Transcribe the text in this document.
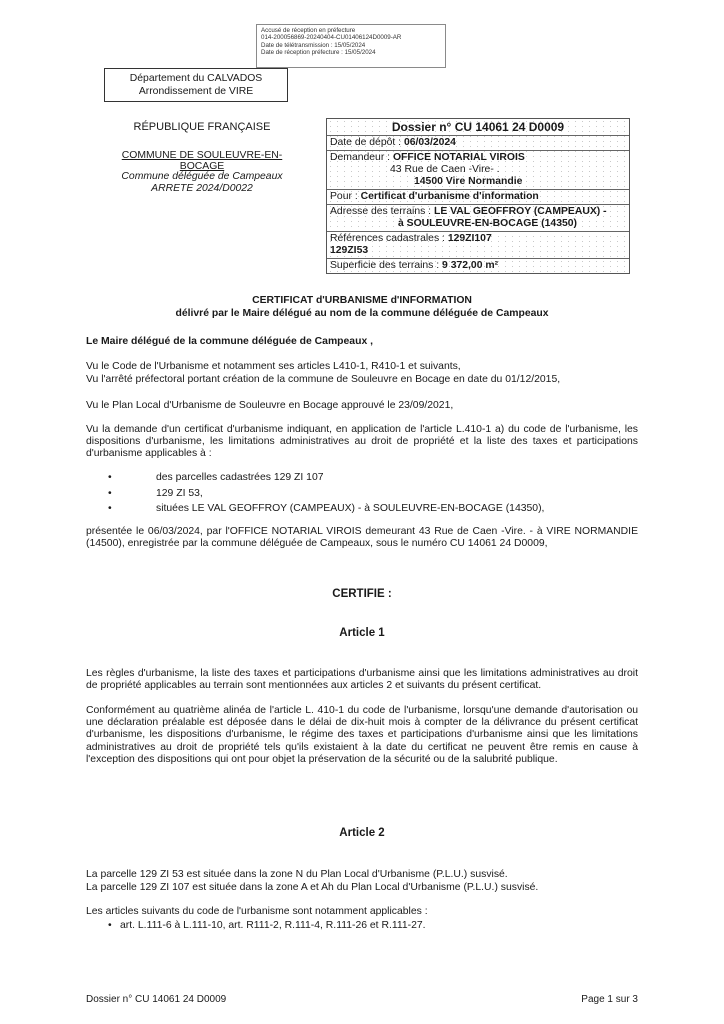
Accusé de réception en préfecture
014-200056869-20240404-CU01406124D0009-AR
Date de télétransmission : 15/05/2024
Date de réception préfecture : 15/05/2024
Département du CALVADOS
Arrondissement de VIRE
RÉPUBLIQUE FRANÇAISE
COMMUNE DE SOULEUVRE-EN-BOCAGE
Commune déléguée de Campeaux
ARRETE 2024/D0022
Dossier n° CU 14061 24 D0009
Date de dépôt : 06/03/2024
Demandeur : OFFICE NOTARIAL VIROIS
43 Rue de Caen -Vire- .
14500 Vire Normandie
Pour : Certificat d'urbanisme d'information
Adresse des terrains : LE VAL GEOFFROY (CAMPEAUX) -
à SOULEUVRE-EN-BOCAGE (14350)
Références cadastrales : 129ZI107
129ZI53
Superficie des terrains : 9 372,00 m²
CERTIFICAT d'URBANISME d'INFORMATION
délivré par le Maire délégué au nom de la commune déléguée de Campeaux
Le Maire délégué de la commune déléguée de Campeaux ,
Vu le Code de l'Urbanisme et notamment ses articles L410-1, R410-1 et suivants,
Vu l'arrêté préfectoral portant création de la commune de Souleuvre en Bocage en date du 01/12/2015,
Vu le Plan Local d'Urbanisme de Souleuvre en Bocage approuvé le 23/09/2021,
Vu la demande d'un certificat d'urbanisme indiquant, en application de l'article L.410-1 a) du code de l'urbanisme, les dispositions d'urbanisme, les limitations administratives au droit de propriété et la liste des taxes et participations d'urbanisme applicables à :
•	des parcelles cadastrées 129 ZI 107
•	129 ZI 53,
•	situées LE VAL GEOFFROY (CAMPEAUX) - à SOULEUVRE-EN-BOCAGE (14350),
présentée le 06/03/2024, par l'OFFICE NOTARIAL VIROIS demeurant 43 Rue de Caen -Vire. - à VIRE NORMANDIE (14500), enregistrée par la commune déléguée de Campeaux, sous le numéro CU 14061 24 D0009,
CERTIFIE :
Article 1
Les règles d'urbanisme, la liste des taxes et participations d'urbanisme ainsi que les limitations administratives au droit de propriété applicables au terrain sont mentionnées aux articles 2 et suivants du présent certificat.
Conformément au quatrième alinéa de l'article L. 410-1 du code de l'urbanisme, lorsqu'une demande d'autorisation ou une déclaration préalable est déposée dans le délai de dix-huit mois à compter de la délivrance du présent certificat d'urbanisme, les dispositions d'urbanisme, le régime des taxes et participations d'urbanisme ainsi que les limitations administratives au droit de propriété tels qu'ils existaient à la date du certificat ne peuvent être remis en cause à l'exception des dispositions qui ont pour objet la préservation de la sécurité ou de la salubrité publique.
Article 2
La parcelle 129 ZI 53 est située dans la zone N du Plan Local d'Urbanisme (P.L.U.) susvisé.
La parcelle 129 ZI 107 est située dans la zone A et Ah du Plan Local d'Urbanisme (P.L.U.) susvisé.
Les articles suivants du code de l'urbanisme sont notamment applicables :
• art. L.111-6 à L.111-10, art. R111-2, R.111-4, R.111-26 et R.111-27.
Dossier n° CU 14061 24 D0009	Page 1 sur 3
